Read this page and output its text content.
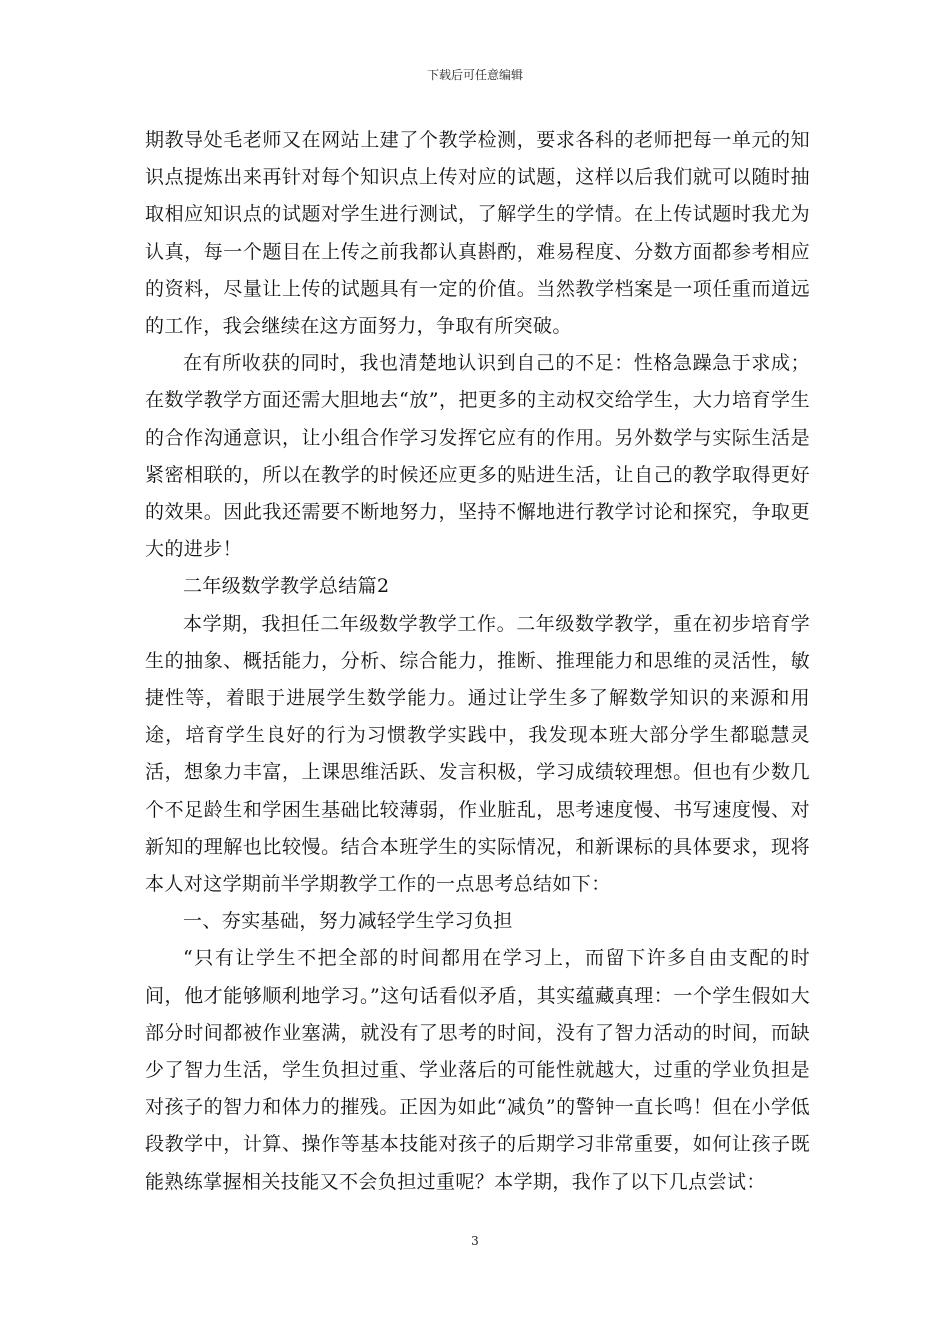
下载后可任意编辑

期教导处毛老师又在网站上建了个教学检测，要求各科的老师把每一单元的知识点提炼出来再针对每个知识点上传对应的试题，这样以后我们就可以随时抽取相应知识点的试题对学生进行测试，了解学生的学情。在上传试题时我尤为认真，每一个题目在上传之前我都认真斟酌，难易程度、分数方面都参考相应的资料，尽量让上传的试题具有一定的价值。当然教学档案是一项任重而道远的工作，我会继续在这方面努力，争取有所突破。

在有所收获的同时，我也清楚地认识到自己的不足：性格急躁急于求成；在数学教学方面还需大胆地去“放”，把更多的主动权交给学生，大力培育学生的合作沟通意识，让小组合作学习发挥它应有的作用。另外数学与实际生活是紧密相联的，所以在教学的时候还应更多的贴进生活，让自己的教学取得更好的效果。因此我还需要不断地努力，坚持不懈地进行教学讨论和探究，争取更大的进步！

二年级数学教学总结篇2

本学期，我担任二年级数学教学工作。二年级数学教学，重在初步培育学生的抽象、概括能力，分析、综合能力，推断、推理能力和思维的灵活性，敏捷性等，着眼于进展学生数学能力。通过让学生多了解数学知识的来源和用途，培育学生良好的行为习惯教学实践中，我发现本班大部分学生都聪慧灵活，想象力丰富，上课思维活跃、发言积极，学习成绩较理想。但也有少数几个不足龄生和学困生基础比较薄弱，作业脏乱，思考速度慢、书写速度慢、对新知的理解也比较慢。结合本班学生的实际情况，和新课标的具体要求，现将本人对这学期前半学期教学工作的一点思考总结如下：

一、夯实基础，努力减轻学生学习负担

“只有让学生不把全部的时间都用在学习上，而留下许多自由支配的时间，他才能够顺利地学习。”这句话看似矛盾，其实蕴藏真理：一个学生假如大部分时间都被作业塞满，就没有了思考的时间，没有了智力活动的时间，而缺少了智力生活，学生负担过重、学业落后的可能性就越大，过重的学业负担是对孩子的智力和体力的摧残。正因为如此“减负”的警钟一直长鸣！但在小学低段教学中，计算、操作等基本技能对孩子的后期学习非常重要，如何让孩子既能熟练掌握相关技能又不会负担过重呢？本学期，我作了以下几点尝试：

3
